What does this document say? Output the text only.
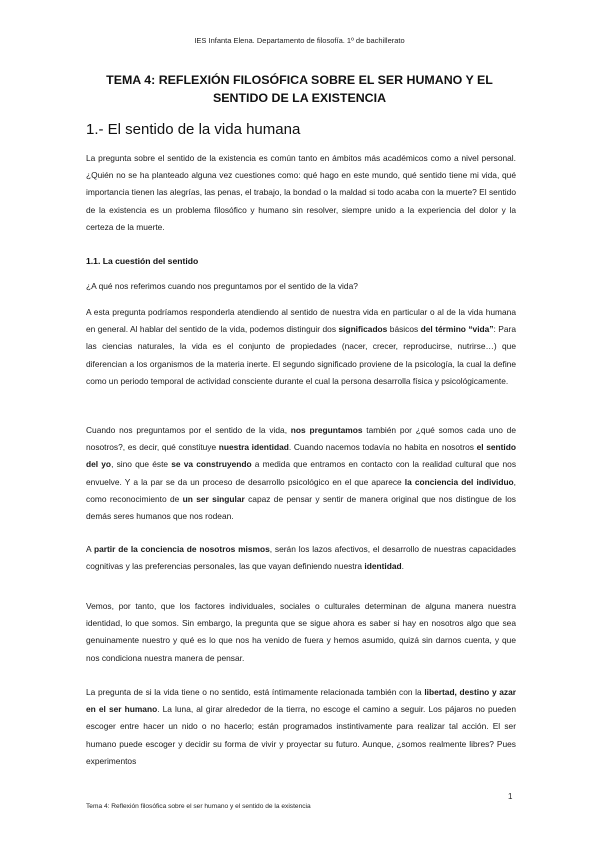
IES Infanta Elena. Departamento de filosofía. 1º de bachillerato
TEMA 4: REFLEXIÓN FILOSÓFICA SOBRE EL SER HUMANO Y EL SENTIDO DE LA EXISTENCIA
1.- El sentido de la vida humana
La pregunta sobre el sentido de la existencia es común tanto en ámbitos más académicos como a nivel personal. ¿Quién no se ha planteado alguna vez cuestiones como: qué hago en este mundo, qué sentido tiene mi vida, qué importancia tienen las alegrías, las penas, el trabajo, la bondad o la maldad si todo acaba con la muerte? El sentido de la existencia es un problema filosófico y humano sin resolver, siempre unido a la experiencia del dolor y la certeza de la muerte.
1.1. La cuestión del sentido
¿A qué nos referimos cuando nos preguntamos por el sentido de la vida?
A esta pregunta podríamos responderla atendiendo al sentido de nuestra vida en particular o al de la vida humana en general. Al hablar del sentido de la vida, podemos distinguir dos significados básicos del término “vida”: Para las ciencias naturales, la vida es el conjunto de propiedades (nacer, crecer, reproducirse, nutrirse…) que diferencian a los organismos de la materia inerte. El segundo significado proviene de la psicología, la cual la define como un periodo temporal de actividad consciente durante el cual la persona desarrolla física y psicológicamente.
Cuando nos preguntamos por el sentido de la vida, nos preguntamos también por ¿qué somos cada uno de nosotros?, es decir, qué constituye nuestra identidad. Cuando nacemos todavía no habita en nosotros el sentido del yo, sino que éste se va construyendo a medida que entramos en contacto con la realidad cultural que nos envuelve. Y a la par se da un proceso de desarrollo psicológico en el que aparece la conciencia del individuo, como reconocimiento de un ser singular capaz de pensar y sentir de manera original que nos distingue de los demás seres humanos que nos rodean.
A partir de la conciencia de nosotros mismos, serán los lazos afectivos, el desarrollo de nuestras capacidades cognitivas y las preferencias personales, las que vayan definiendo nuestra identidad.
Vemos, por tanto, que los factores individuales, sociales o culturales determinan de alguna manera nuestra identidad, lo que somos. Sin embargo, la pregunta que se sigue ahora es saber si hay en nosotros algo que sea genuinamente nuestro y qué es lo que nos ha venido de fuera y hemos asumido, quizá sin darnos cuenta, y que nos condiciona nuestra manera de pensar.
La pregunta de si la vida tiene o no sentido, está íntimamente relacionada también con la libertad, destino y azar en el ser humano. La luna, al girar alrededor de la tierra, no escoge el camino a seguir. Los pájaros no pueden escoger entre hacer un nido o no hacerlo; están programados instintivamente para realizar tal acción. El ser humano puede escoger y decidir su forma de vivir y proyectar su futuro. Aunque, ¿somos realmente libres? Pues experimentos
1
Tema 4: Reflexión filosófica sobre el ser humano y el sentido de la existencia
